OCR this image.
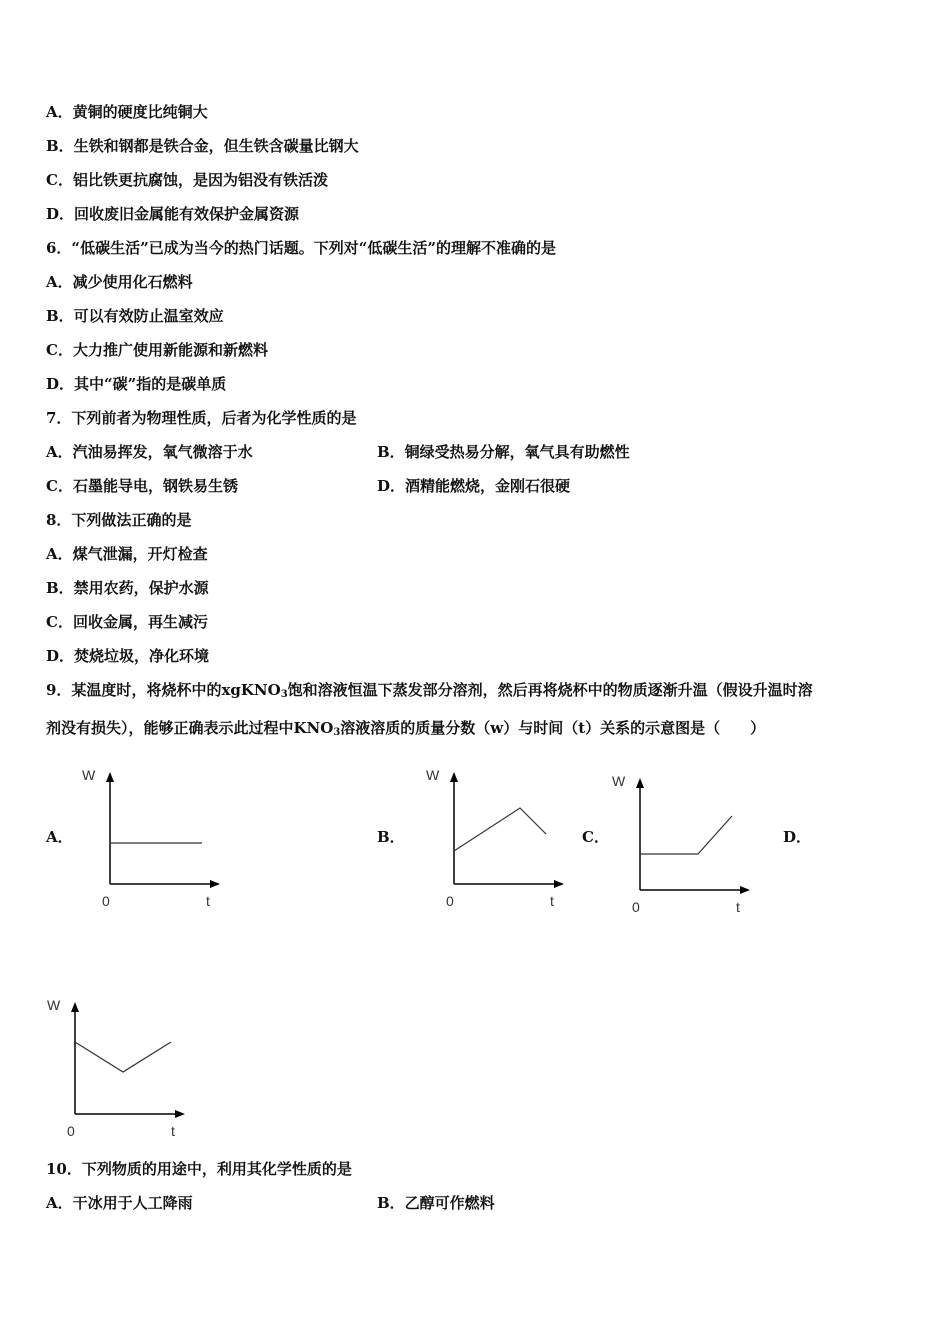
A．黄铜的硬度比纯铜大
B．生铁和钢都是铁合金，但生铁含碳量比钢大
C．铝比铁更抗腐蚀，是因为铝没有铁活泼
D．回收废旧金属能有效保护金属资源
6．“低碳生活”已成为当今的热门话题。下列对“低碳生活”的理解不准确的是
A．减少使用化石燃料
B．可以有效防止温室效应
C．大力推广使用新能源和新燃料
D．其中“碳”指的是碳单质
7．下列前者为物理性质，后者为化学性质的是
A．汽油易挥发，氧气微溶于水	B．铜绿受热易分解，氧气具有助燃性
C．石墨能导电，钢铁易生锈	D．酒精能燃烧，金刚石很硬
8．下列做法正确的是
A．煤气泄漏，开灯检查
B．禁用农药，保护水源
C．回收金属，再生减污
D．焚烧垃圾，净化环境
9．某温度时，将烧杯中的xgKNO$_3$饱和溶液恒温下蒸发部分溶剂，然后再将烧杯中的物质逐渐升温（假设升温时溶
剂没有损失），能够正确表示此过程中$KNO_3$溶液溶质的质量分数（w）与时间（t）关系的示意图是（　　）
A．	B．	C．	D．
W
0	t
W
0	t
W
0	t
W
0	t
10．下列物质的用途中，利用其化学性质的是
A．干冰用于人工降雨	B．乙醇可作燃料
